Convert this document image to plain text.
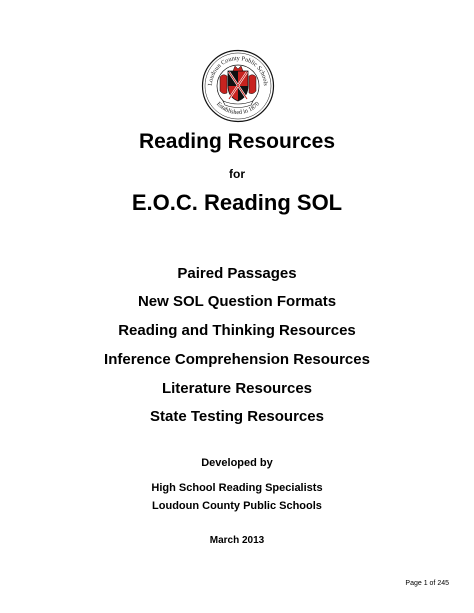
Loudoun County Public Schools
Established in 1870
Reading Resources
for
E.O.C. Reading SOL
Paired Passages
New SOL Question Formats
Reading and Thinking Resources
Inference Comprehension Resources
Literature Resources
State Testing Resources
Developed by
High School Reading Specialists
Loudoun County Public Schools
March 2013
Page 1 of 245
